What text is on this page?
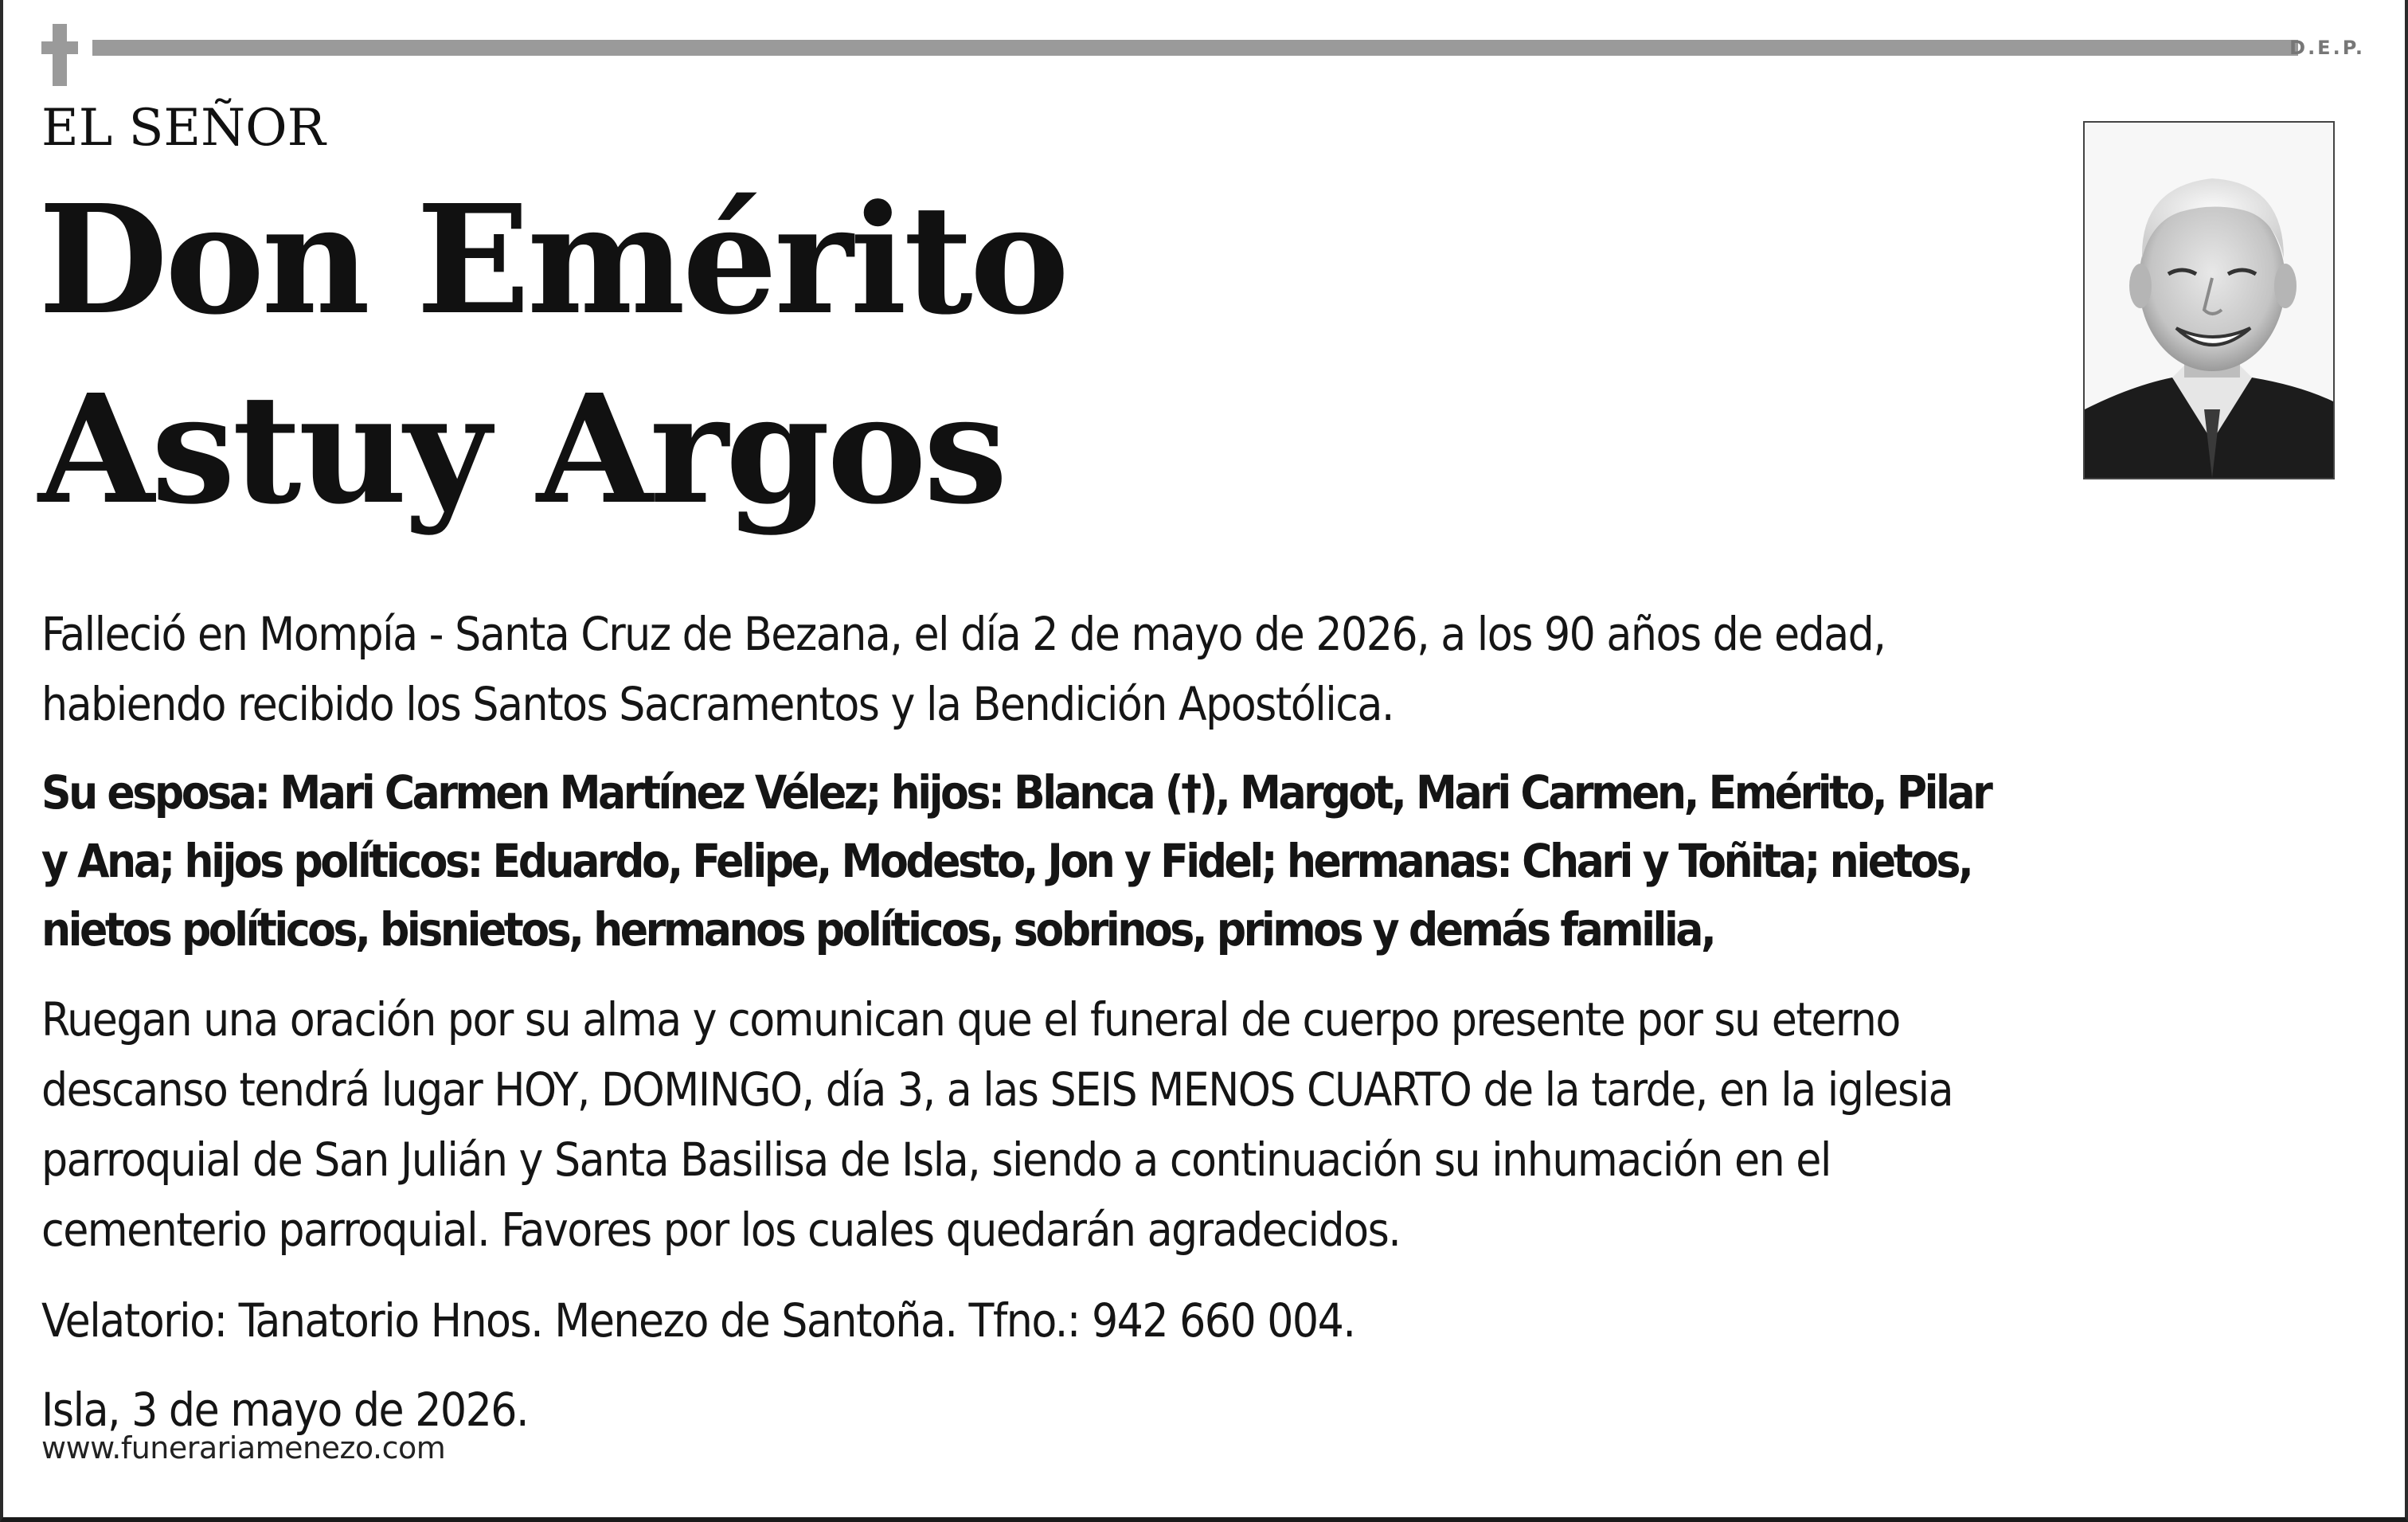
D.E.P.
EL SEÑOR
Don Emérito
Astuy Argos
Falleció en Mompía - Santa Cruz de Bezana, el día 2 de mayo de 2026, a los 90 años de edad,
habiendo recibido los Santos Sacramentos y la Bendición Apostólica.
Su esposa: Mari Carmen Martínez Vélez; hijos: Blanca (†), Margot, Mari Carmen, Emérito, Pilar
y Ana; hijos políticos: Eduardo, Felipe, Modesto, Jon y Fidel; hermanas: Chari y Toñita; nietos,
nietos políticos, bisnietos, hermanos políticos, sobrinos, primos y demás familia,
Ruegan una oración por su alma y comunican que el funeral de cuerpo presente por su eterno
descanso tendrá lugar HOY, DOMINGO, día 3, a las SEIS MENOS CUARTO de la tarde, en la iglesia
parroquial de San Julián y Santa Basilisa de Isla, siendo a continuación su inhumación en el
cementerio parroquial. Favores por los cuales quedarán agradecidos.
Velatorio: Tanatorio Hnos. Menezo de Santoña. Tfno.: 942 660 004.
Isla, 3 de mayo de 2026.
www.funerariamenezo.com
